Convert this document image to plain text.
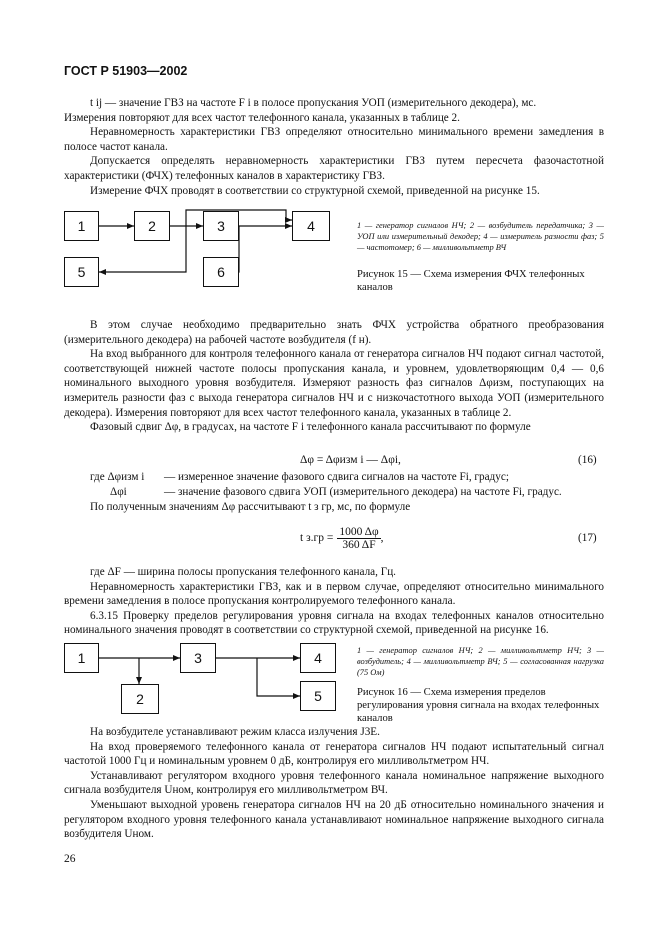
ГОСТ Р 51903—2002

t ij — значение ГВЗ на частоте F i в полосе пропускания УОП (измерительного декодера), мс.

Измерения повторяют для всех частот телефонного канала, указанных в таблице 2.

Неравномерность характеристики ГВЗ определяют относительно минимального времени замедления в полосе частот канала.

Допускается определять неравномерность характеристики ГВЗ путем пересчета фазочастотной характеристики (ФЧХ) телефонных каналов в характеристику ГВЗ.

Измерение ФЧХ проводят в соответствии со структурной схемой, приведенной на рисунке 15.

1	2	3	4
5	6
1 — генератор сигналов НЧ; 2 — возбудитель передатчика; 3 — УОП или измерительный декодер; 4 — измеритель разности фаз; 5 — частотомер; 6 — милливольтметр ВЧ
Рисунок 15 — Схема измерения ФЧХ телефонных каналов

В этом случае необходимо предварительно знать ФЧХ устройства обратного преобразования (измерительного декодера) на рабочей частоте возбудителя (f н).

На вход выбранного для контроля телефонного канала от генератора сигналов НЧ подают сигнал частотой, соответствующей нижней частоте полосы пропускания канала, и уровнем, удовлетворяющим 0,4 — 0,6 номинального выходного уровня возбудителя. Измеряют разность фаз сигналов Δφизм, поступающих на измеритель разности фаз с выхода генератора сигналов НЧ и с низкочастотного выхода УОП (измерительного декодера). Измерения повторяют для всех частот телефонного канала, указанных в таблице 2.

Фазовый сдвиг Δφ, в градусах, на частоте F i телефонного канала рассчитывают по формуле

Δφ = Δφизм i — Δφi,	(16)
где Δφизм i	— измеренное значение фазового сдвига сигналов на частоте Fi, градус;
Δφi	— значение фазового сдвига УОП (измерительного декодера) на частоте Fi, градус.

По полученным значениям Δφ рассчитывают t з гр, мс, по формуле

t $з.гр = \frac{1000 \Delta\varphi}{360 \Delta F}$ ,	(17)

где ΔF — ширина полосы пропускания телефонного канала, Гц.

Неравномерность характеристики ГВЗ, как и в первом случае, определяют относительно минимального времени замедления в полосе пропускания контролируемого телефонного канала.

6.3.15 Проверку пределов регулирования уровня сигнала на входах телефонных каналов относительно номинального значения проводят в соответствии со структурной схемой, приведенной на рисунке 16.

1
2
3	4
5
1 — генератор сигналов НЧ; 2 — милливольтметр НЧ; 3 — возбудитель; 4 — милливольтметр ВЧ; 5 — согласованная нагрузка (75 Ом)
Рисунок 16 — Схема измерения пределов регулирования уровня сигнала на входах телефонных каналов

На возбудителе устанавливают режим класса излучения J3E.

На вход проверяемого телефонного канала от генератора сигналов НЧ подают испытательный сигнал частотой 1000 Гц и номинальным уровнем 0 дБ, контролируя его милливольтметром НЧ.

Устанавливают регулятором входного уровня телефонного канала номинальное напряжение выходного сигнала возбудителя Uном, контролируя его милливольтметром ВЧ.

Уменьшают выходной уровень генератора сигналов НЧ на 20 дБ относительно номинального значения и регулятором входного уровня телефонного канала устанавливают номинальное напряжение выходного сигнала возбудителя Uном.

26
